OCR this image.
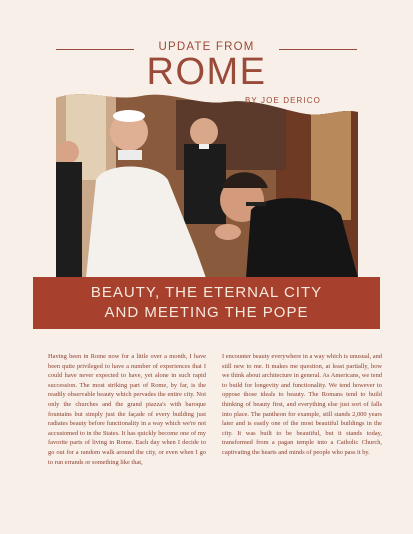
UPDATE FROM
ROME
BY JOE DERICO
BEAUTY, THE ETERNAL CITY
AND MEETING THE POPE

Having been in Rome now for a little over a month, I have been quite privileged to have a number of experiences that I could have never expected to have, yet alone in such rapid succession. The most striking part of Rome, by far, is the readily observable beauty which pervades the entire city. Not only the churches and the grand piazza's with baroque fountains but simply just the façade of every building just radiates beauty before functionality in a way which we're not accustomed to in the States. It has quickly become one of my favorite parts of living in Rome. Each day when I decide to go out for a random walk around the city, or even when I go to run errands or something like that,

I encounter beauty everywhere in a way which is unusual, and still new to me. It makes me question, at least partially, how we think about architecture in general. As Americans, we tend to build for longevity and functionality. We tend however to oppose those ideals to beauty. The Romans tend to build thinking of beauty first, and everything else just sort of falls into place. The pantheon for example, still stands 2,000 years later and is easily one of the most beautiful buildings in the city. It was built to be beautiful, but it stands today, transformed from a pagan temple into a Catholic Church, captivating the hearts and minds of people who pass it by.
